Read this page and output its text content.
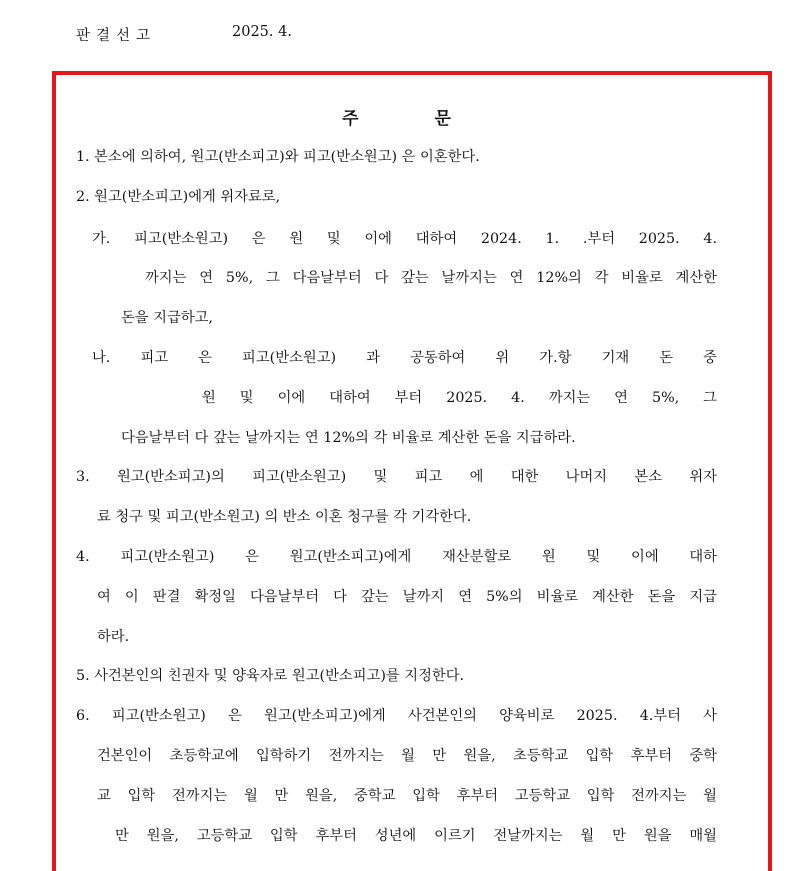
판결선고	2025. 4.
주	문
1. 본소에 의하여, 원고(반소피고)와 피고(반소원고) 은 이혼한다.
2. 원고(반소피고)에게 위자료로,
가. 피고(반소원고) 은 원 및 이에 대하여 2024. 1. .부터 2025. 4.
까지는 연 5%, 그 다음날부터 다 갚는 날까지는 연 12%의 각 비율로 계산한
돈을 지급하고,
나. 피고 은 피고(반소원고) 과 공동하여 위 가.항 기재 돈 중
원 및 이에 대하여 부터 2025. 4. 까지는 연 5%, 그
다음날부터 다 갚는 날까지는 연 12%의 각 비율로 계산한 돈을 지급하라.
3. 원고(반소피고)의 피고(반소원고) 및 피고 에 대한 나머지 본소 위자
료 청구 및 피고(반소원고) 의 반소 이혼 청구를 각 기각한다.
4. 피고(반소원고) 은 원고(반소피고)에게 재산분할로 원 및 이에 대하
여 이 판결 확정일 다음날부터 다 갚는 날까지 연 5%의 비율로 계산한 돈을 지급
하라.
5. 사건본인의 친권자 및 양육자로 원고(반소피고)를 지정한다.
6. 피고(반소원고) 은 원고(반소피고)에게 사건본인의 양육비로 2025. 4.부터 사
건본인이 초등학교에 입학하기 전까지는 월 만 원을, 초등학교 입학 후부터 중학
교 입학 전까지는 월 만 원을, 중학교 입학 후부터 고등학교 입학 전까지는 월
만 원을, 고등학교 입학 후부터 성년에 이르기 전날까지는 월 만 원을 매월
